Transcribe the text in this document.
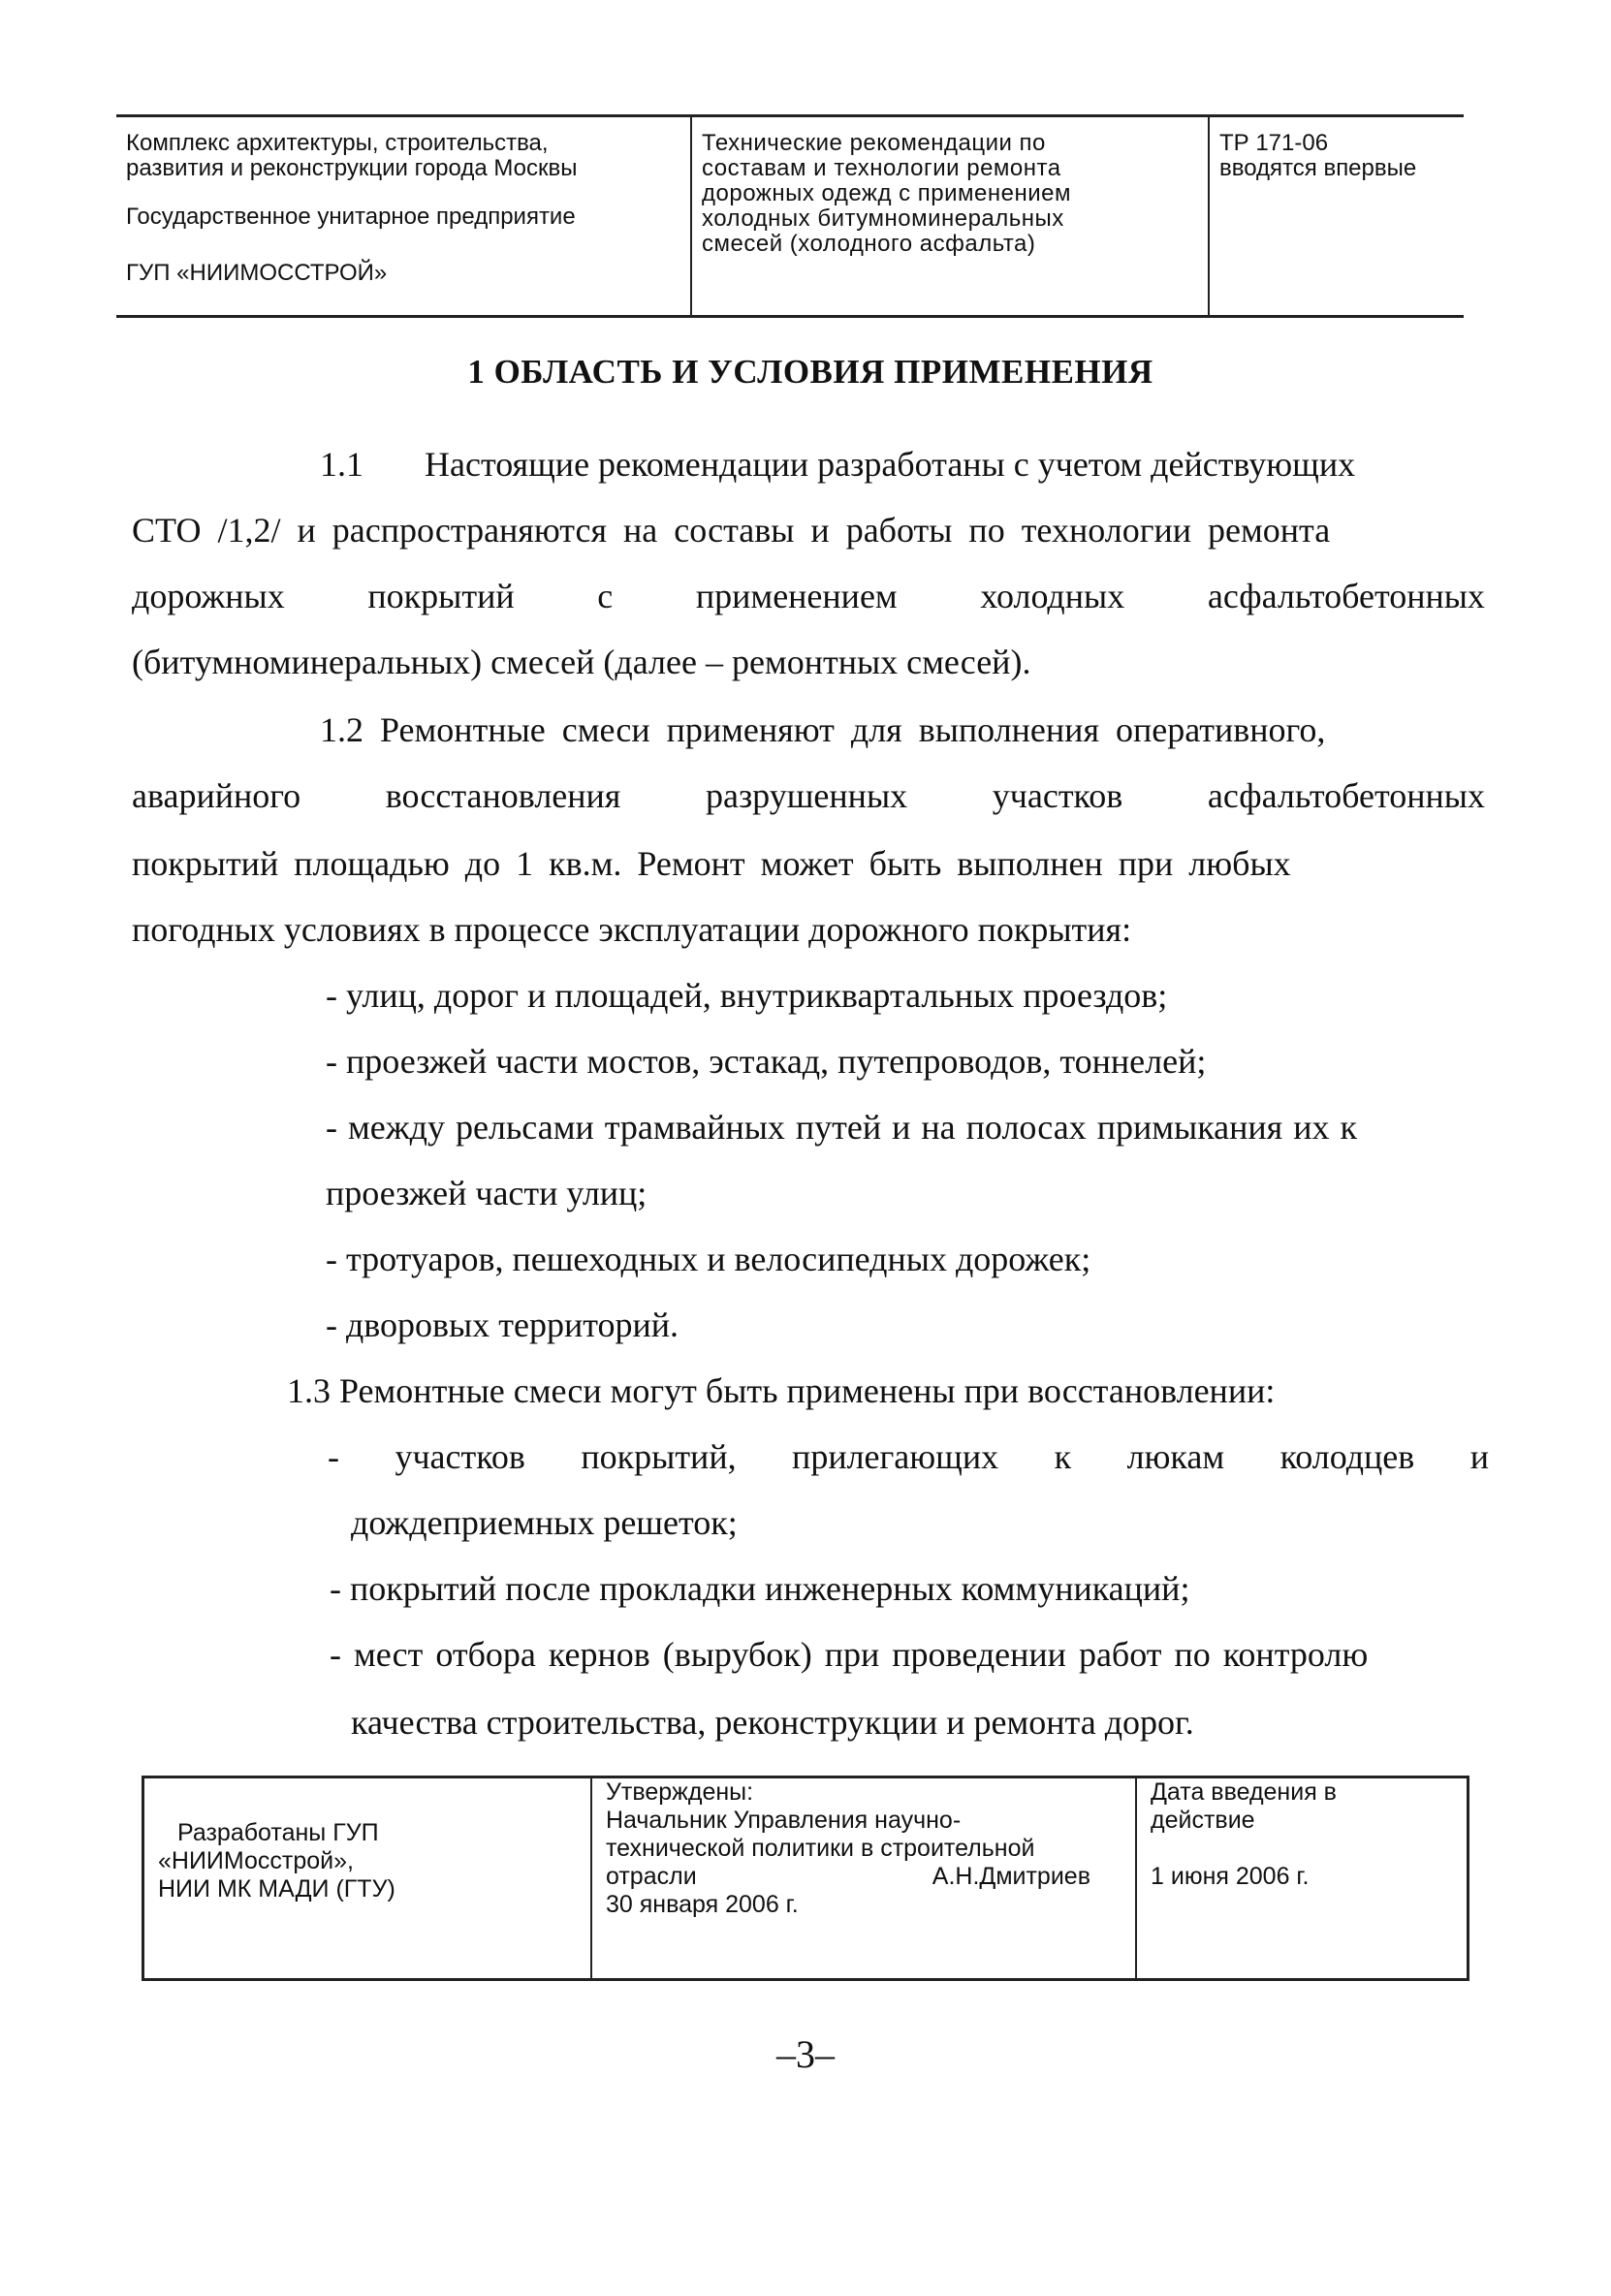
Комплекс архитектуры, строительства,

развития и реконструкции города Москвы

Государственное унитарное предприятие

ГУП «НИИМОССТРОЙ»

Технические рекомендации по
составам и технологии ремонта
дорожных одежд с применением
холодных битумноминеральных
смесей (холодного асфальта)
ТР 171-06
вводятся впервые
1 ОБЛАСТЬ И УСЛОВИЯ ПРИМЕНЕНИЯ
1.1 Настоящие рекомендации разработаны с учетом действующих
СТО /1,2/ и распространяются на составы и работы по технологии ремонта
дорожных покрытий с применением холодных асфальтобетонных
(битумноминеральных) смесей (далее – ремонтных смесей).
1.2 Ремонтные смеси применяют для выполнения оперативного,
аварийного восстановления разрушенных участков асфальтобетонных
покрытий площадью до 1 кв.м. Ремонт может быть выполнен при любых
погодных условиях в процессе эксплуатации дорожного покрытия:
- улиц, дорог и площадей, внутриквартальных проездов;
- проезжей части мостов, эстакад, путепроводов, тоннелей;
- между рельсами трамвайных путей и на полосах примыкания их к
проезжей части улиц;
- тротуаров, пешеходных и велосипедных дорожек;
- дворовых территорий.
1.3 Ремонтные смеси могут быть применены при восстановлении:
- участков покрытий, прилегающих к люкам колодцев и
дождеприемных решеток;
- покрытий после прокладки инженерных коммуникаций;
- мест отбора кернов (вырубок) при проведении работ по контролю
качества строительства, реконструкции и ремонта дорог.

Разработаны ГУП

«НИИМосстрой»,

НИИ МК МАДИ (ГТУ)

Утверждены:

Начальник Управления научно-

технической политики в строительной

отрасли	А.Н.Дмитриев

30 января 2006 г.

Дата введения в

действие

1 июня 2006 г.

–3–
